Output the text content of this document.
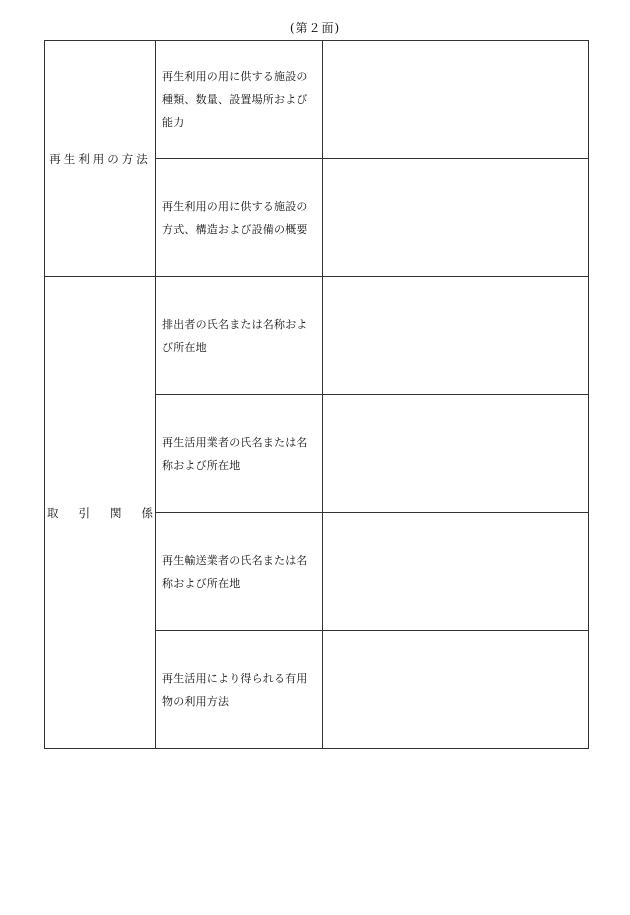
(第２面)
再生利用の方法	再生利用の用に供する施設の種類、数量、設置場所および能力	
	再生利用の用に供する施設の方式、構造および設備の概要	
取引関係	排出者の氏名または名称および所在地	
	再生活用業者の氏名または名称および所在地	
	再生輸送業者の氏名または名称および所在地	
	再生活用により得られる有用物の利用方法	
